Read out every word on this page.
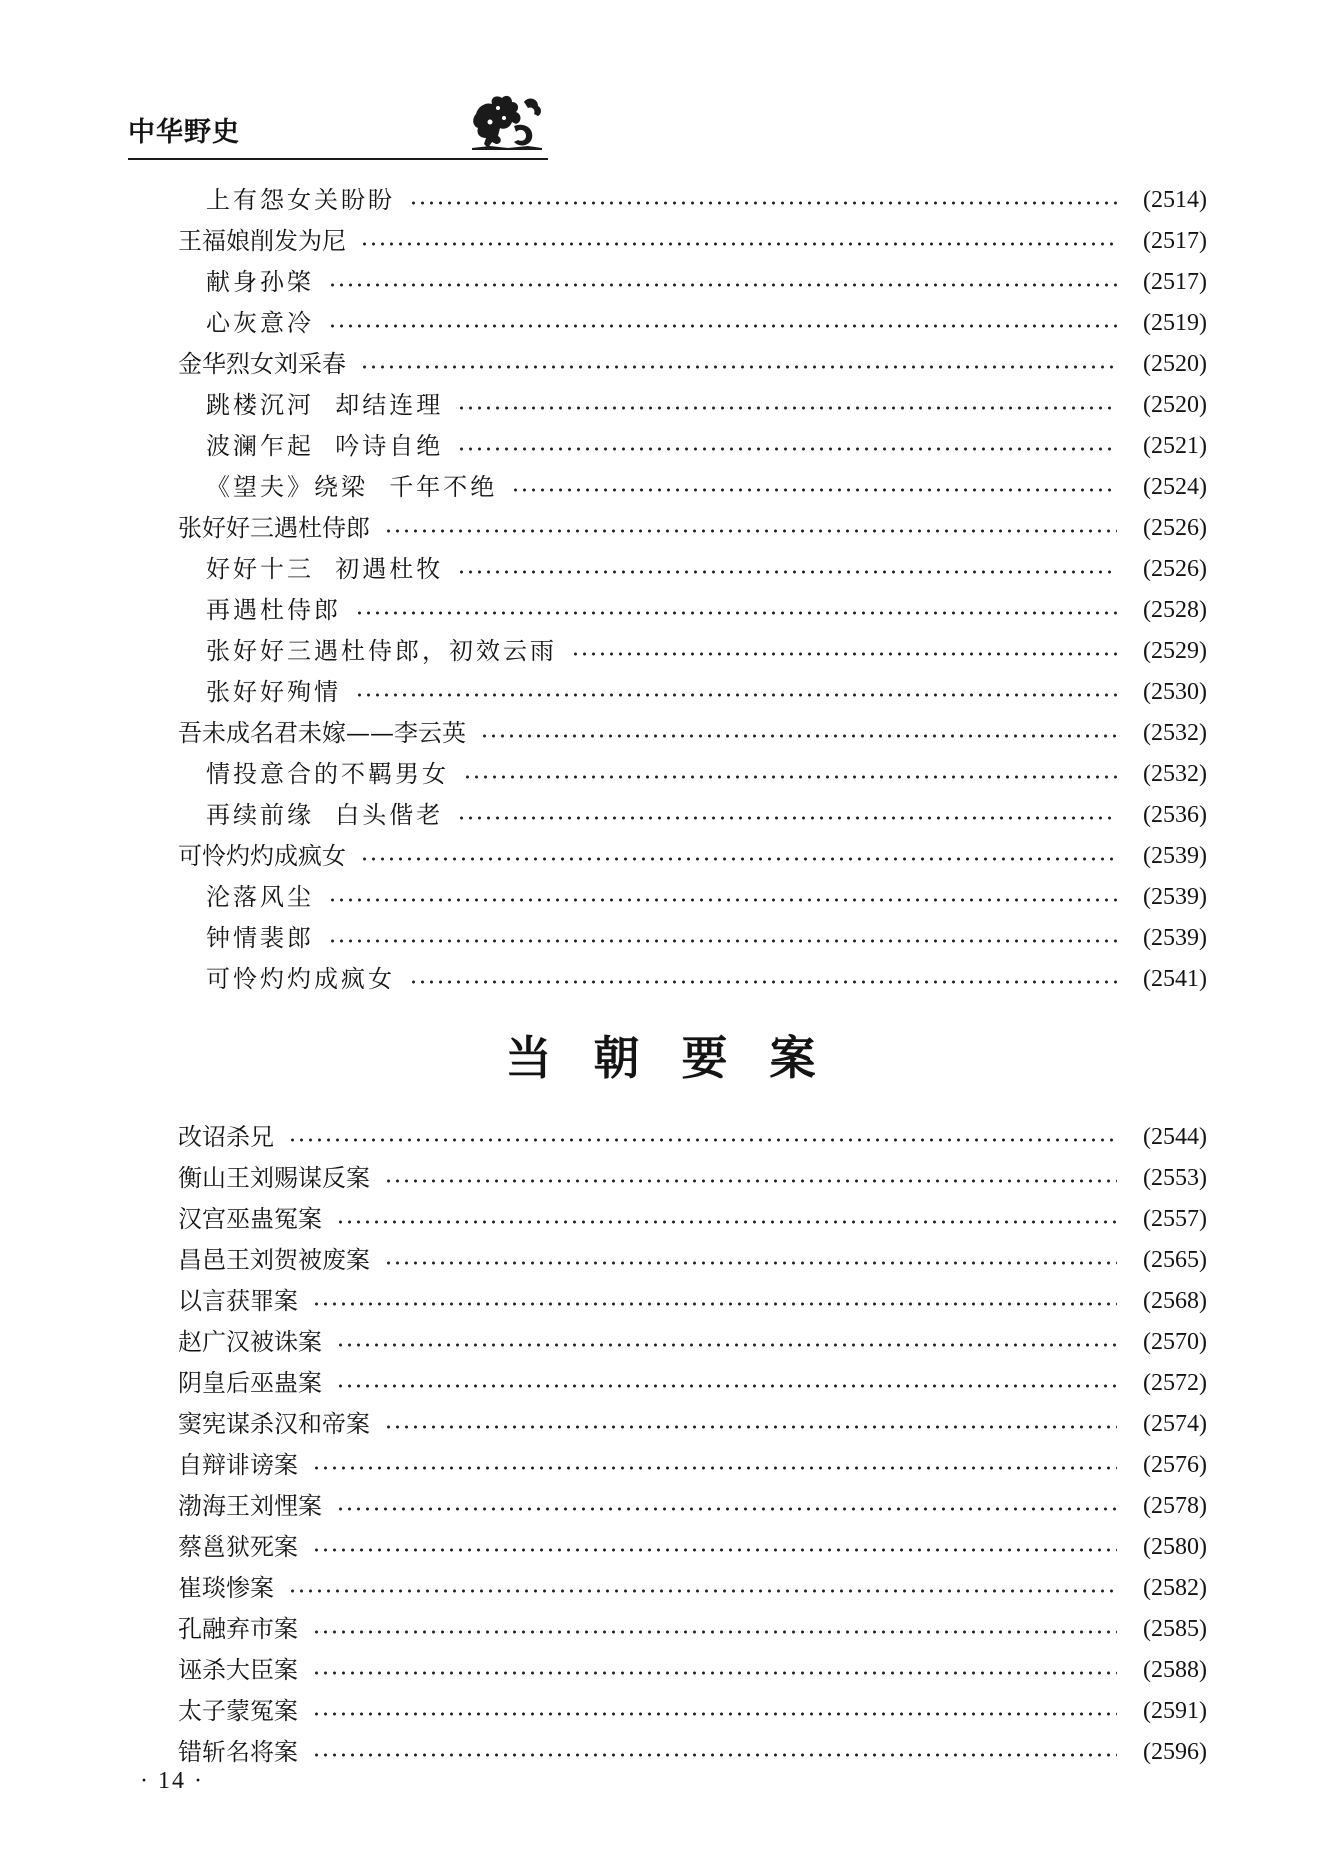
中华野史
上有怨女关盼盼	(2514)
王福娘削发为尼	(2517)
献身孙棨	(2517)
心灰意冷	(2519)
金华烈女刘采春	(2520)
跳楼沉河  却结连理	(2520)
波澜乍起  吟诗自绝	(2521)
《望夫》绕梁  千年不绝	(2524)
张好好三遇杜侍郎	(2526)
好好十三  初遇杜牧	(2526)
再遇杜侍郎	(2528)
张好好三遇杜侍郎，初效云雨	(2529)
张好好殉情	(2530)
吾未成名君未嫁——李云英	(2532)
情投意合的不羁男女	(2532)
再续前缘  白头偕老	(2536)
可怜灼灼成疯女	(2539)
沦落风尘	(2539)
钟情裴郎	(2539)
可怜灼灼成疯女	(2541)
当朝要案
改诏杀兄	(2544)
衡山王刘赐谋反案	(2553)
汉宫巫蛊冤案	(2557)
昌邑王刘贺被废案	(2565)
以言获罪案	(2568)
赵广汉被诛案	(2570)
阴皇后巫蛊案	(2572)
窦宪谋杀汉和帝案	(2574)
自辩诽谤案	(2576)
渤海王刘悝案	(2578)
蔡邕狱死案	(2580)
崔琰惨案	(2582)
孔融弃市案	(2585)
诬杀大臣案	(2588)
太子蒙冤案	(2591)
错斩名将案	(2596)
· 14 ·
